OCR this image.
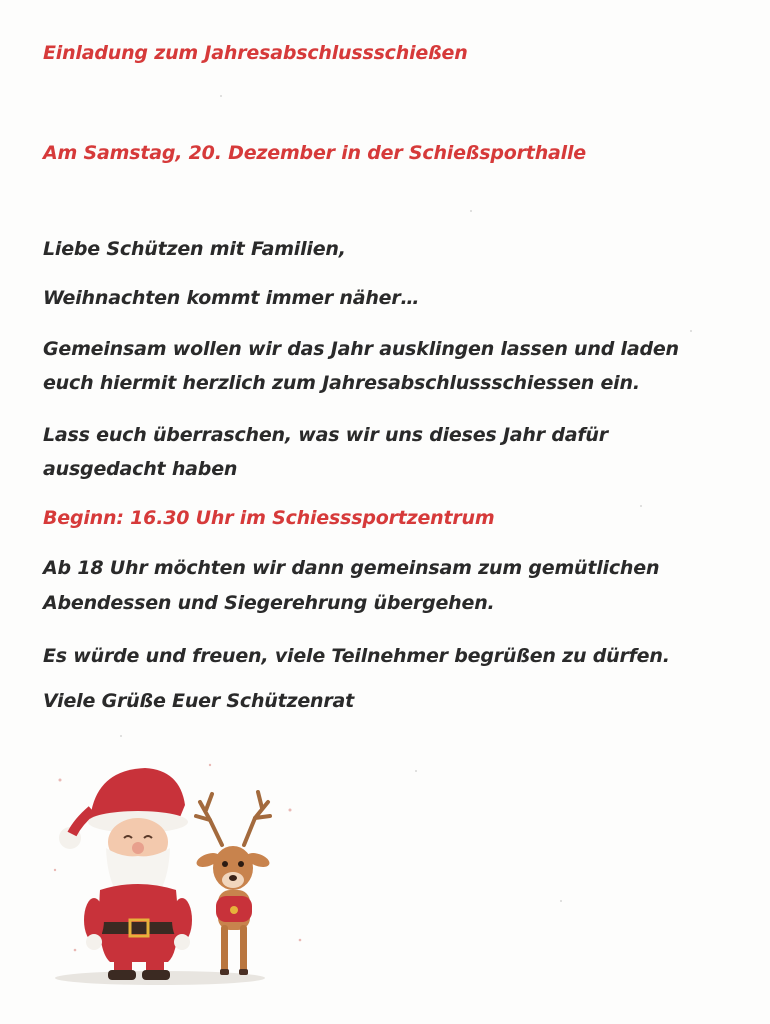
Einladung zum Jahresabschlussschießen

Am Samstag, 20. Dezember in der Schießsporthalle

Liebe Schützen mit Familien,

Weihnachten kommt immer näher…

Gemeinsam wollen wir das Jahr ausklingen lassen und laden

euch hiermit herzlich zum Jahresabschlussschiessen ein.

Lass euch überraschen, was wir uns dieses Jahr dafür

ausgedacht haben

Beginn: 16.30 Uhr im Schiesssportzentrum

Ab 18 Uhr möchten wir dann gemeinsam zum gemütlichen

Abendessen und Siegerehrung übergehen.

Es würde und freuen, viele Teilnehmer begrüßen zu dürfen.

Viele Grüße Euer Schützenrat
